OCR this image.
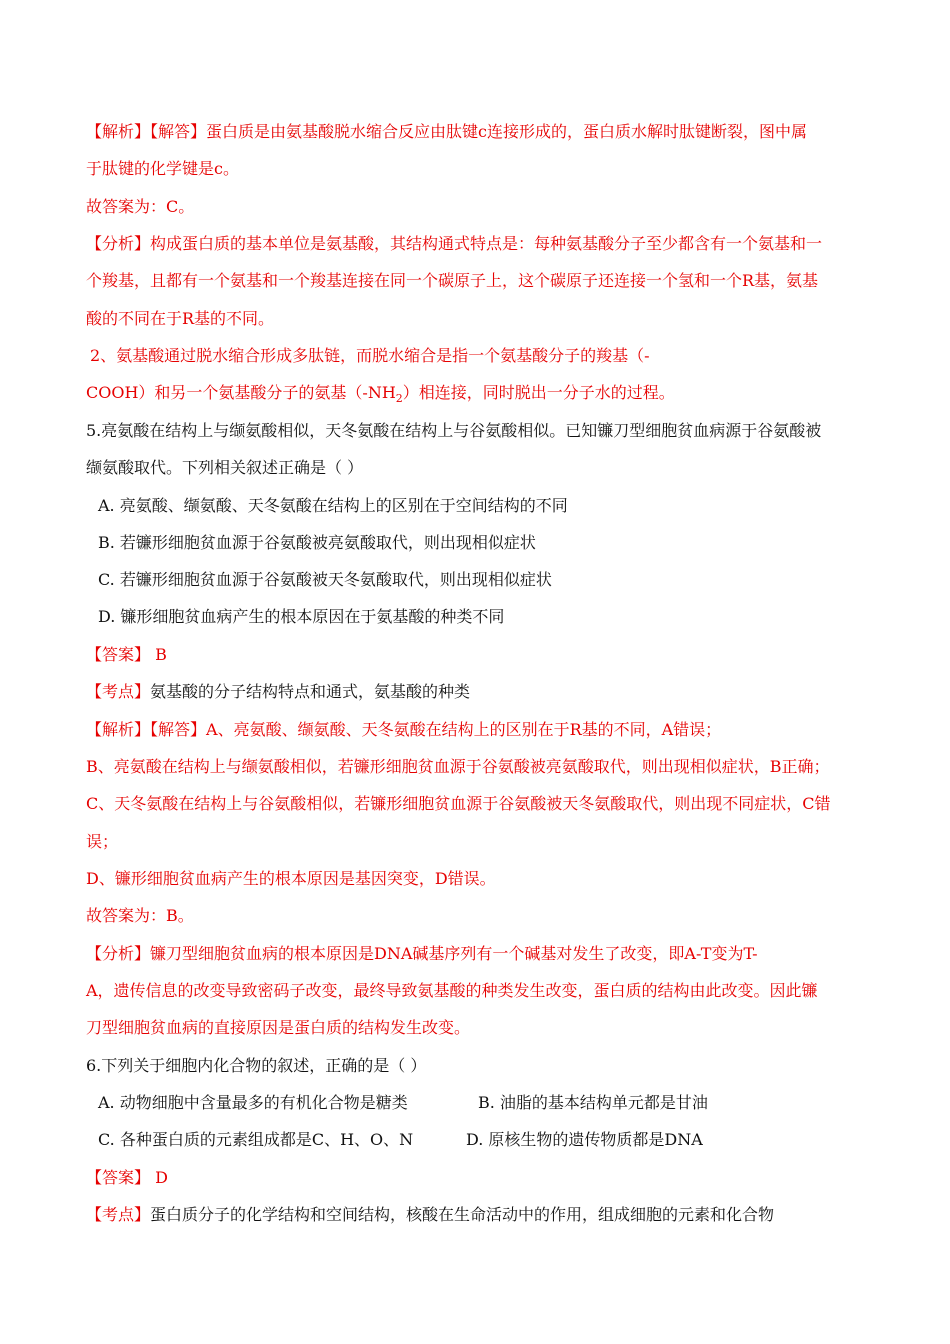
【解析】【解答】蛋白质是由氨基酸脱水缩合反应由肽键c连接形成的，蛋白质水解时肽键断裂，图中属
于肽键的化学键是c。
故答案为：C。
【分析】构成蛋白质的基本单位是氨基酸，其结构通式特点是：每种氨基酸分子至少都含有一个氨基和一
个羧基，且都有一个氨基和一个羧基连接在同一个碳原子上，这个碳原子还连接一个氢和一个R基，氨基
酸的不同在于R基的不同。
2、氨基酸通过脱水缩合形成多肽链，而脱水缩合是指一个氨基酸分子的羧基（-
COOH）和另一个氨基酸分子的氨基$(-NH_2)$相连接，同时脱出一分子水的过程。
5.亮氨酸在结构上与缬氨酸相似，天冬氨酸在结构上与谷氨酸相似。已知镰刀型细胞贫血病源于谷氨酸被
缬氨酸取代。下列相关叙述正确是（ ）
A. 亮氨酸、缬氨酸、天冬氨酸在结构上的区别在于空间结构的不同
B. 若镰形细胞贫血源于谷氨酸被亮氨酸取代，则出现相似症状
C. 若镰形细胞贫血源于谷氨酸被天冬氨酸取代，则出现相似症状
D. 镰形细胞贫血病产生的根本原因在于氨基酸的种类不同
【答案】 B
【考点】氨基酸的分子结构特点和通式，氨基酸的种类
【解析】【解答】A、亮氨酸、缬氨酸、天冬氨酸在结构上的区别在于R基的不同，A错误；
B、亮氨酸在结构上与缬氨酸相似，若镰形细胞贫血源于谷氨酸被亮氨酸取代，则出现相似症状，B正确；
C、天冬氨酸在结构上与谷氨酸相似，若镰形细胞贫血源于谷氨酸被天冬氨酸取代，则出现不同症状，C错
误；
D、镰形细胞贫血病产生的根本原因是基因突变，D错误。
故答案为：B。
【分析】镰刀型细胞贫血病的根本原因是DNA碱基序列有一个碱基对发生了改变，即A-T变为T-
A，遗传信息的改变导致密码子改变，最终导致氨基酸的种类发生改变，蛋白质的结构由此改变。因此镰
刀型细胞贫血病的直接原因是蛋白质的结构发生改变。
6.下列关于细胞内化合物的叙述，正确的是（ ）
A. 动物细胞中含量最多的有机化合物是糖类	B. 油脂的基本结构单元都是甘油
C. 各种蛋白质的元素组成都是C、H、O、N	D. 原核生物的遗传物质都是DNA
【答案】 D
【考点】蛋白质分子的化学结构和空间结构，核酸在生命活动中的作用，组成细胞的元素和化合物
